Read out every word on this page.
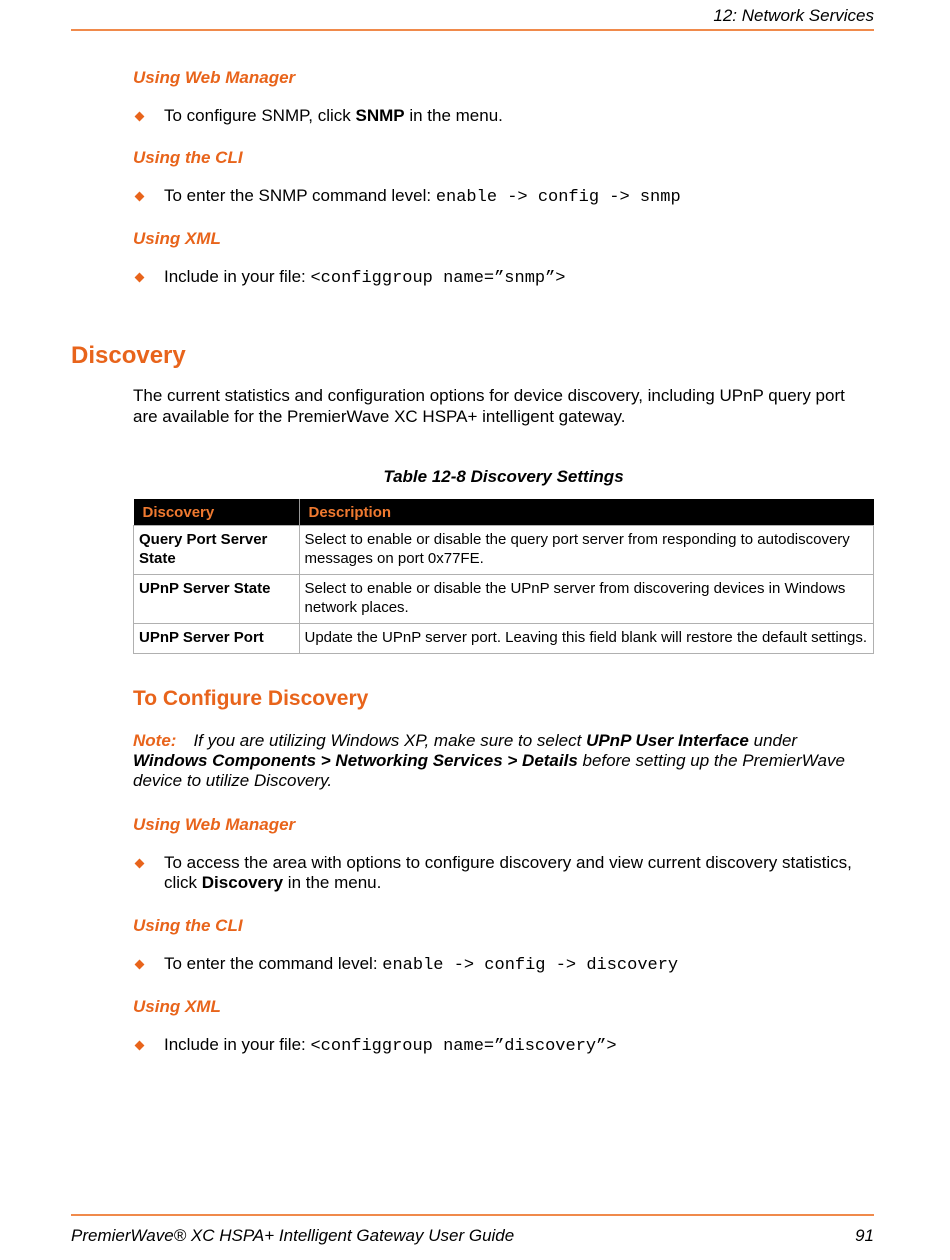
12: Network Services
Using Web Manager
To configure SNMP, click SNMP in the menu.
Using the CLI
To enter the SNMP command level: enable -> config -> snmp
Using XML
Include in your file: <configgroup name=”snmp”>
Discovery
The current statistics and configuration options for device discovery, including UPnP query port are available for the PremierWave XC HSPA+ intelligent gateway.
Table 12-8 Discovery Settings
Discovery	Description
Query Port Server State	Select to enable or disable the query port server from responding to autodiscovery messages on port 0x77FE.
UPnP Server State	Select to enable or disable the UPnP server from discovering devices in Windows network places.
UPnP Server Port	Update the UPnP server port. Leaving this field blank will restore the default settings.
To Configure Discovery
Note: If you are utilizing Windows XP, make sure to select UPnP User Interface under Windows Components > Networking Services > Details before setting up the PremierWave device to utilize Discovery.
Using Web Manager
To access the area with options to configure discovery and view current discovery statistics,
click Discovery in the menu.
Using the CLI
To enter the command level: enable -> config -> discovery
Using XML
Include in your file: <configgroup name=”discovery”>
PremierWave® XC HSPA+ Intelligent Gateway User Guide	91
